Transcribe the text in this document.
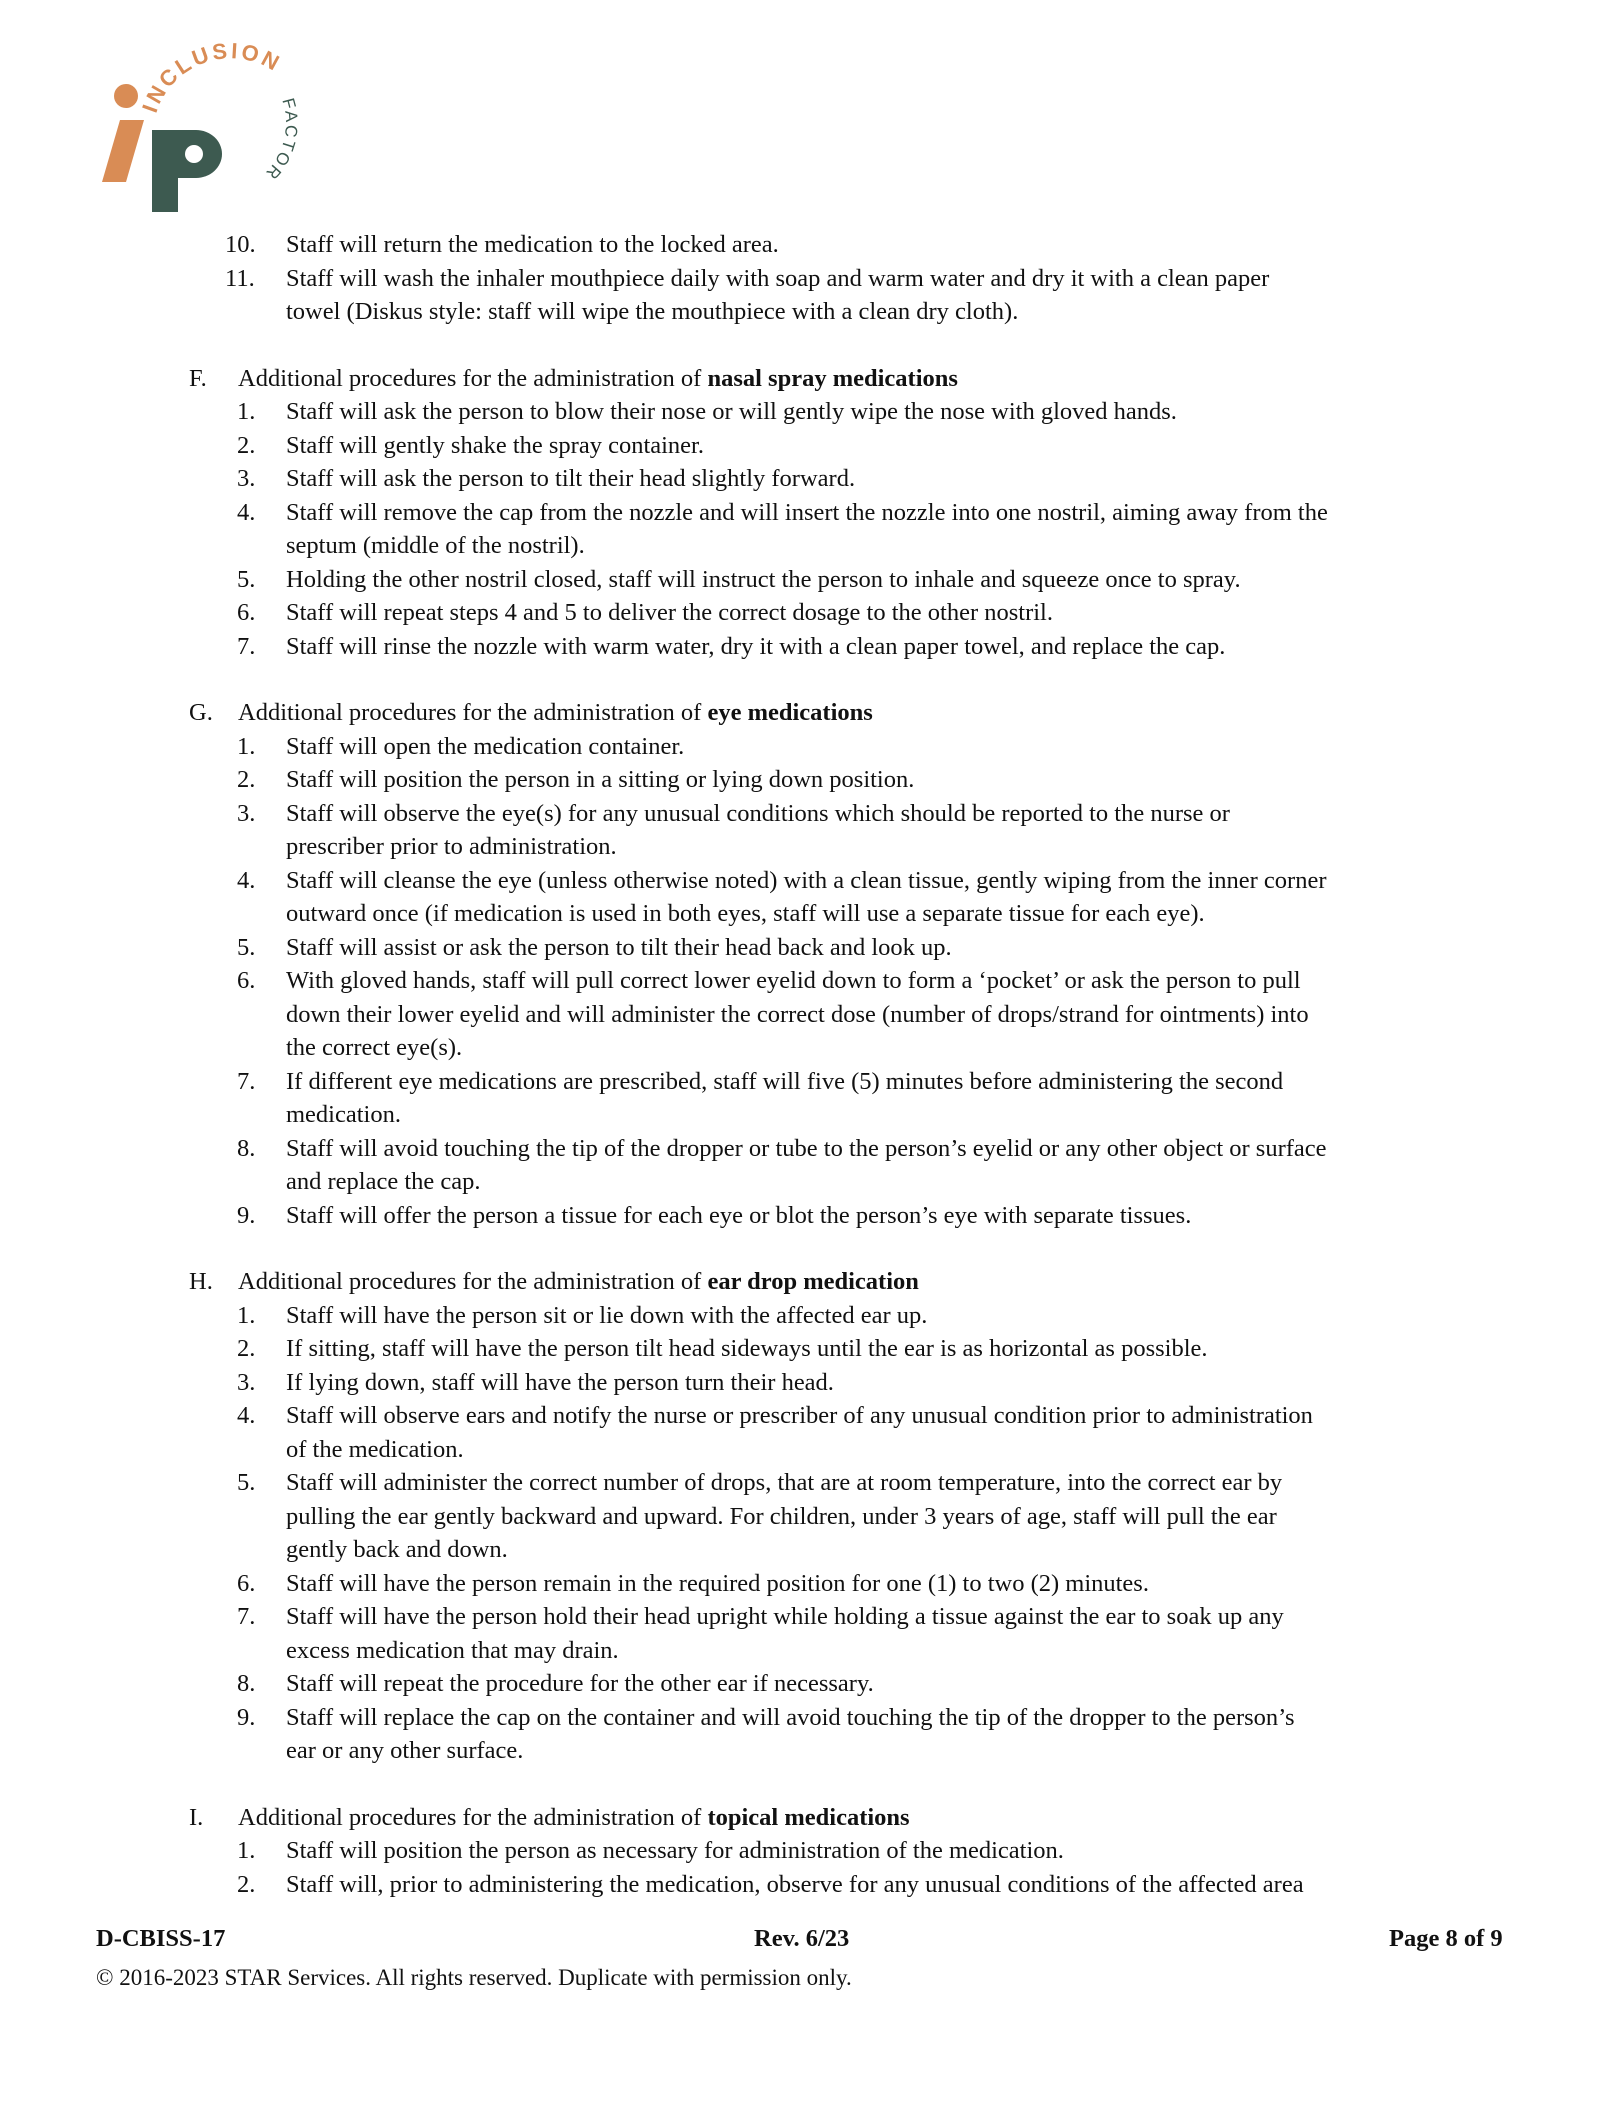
INCLUSION
FACTOR
10. Staff will return the medication to the locked area.
11. Staff will wash the inhaler mouthpiece daily with soap and warm water and dry it with a clean paper
towel (Diskus style: staff will wipe the mouthpiece with a clean dry cloth).
F. Additional procedures for the administration of nasal spray medications
1. Staff will ask the person to blow their nose or will gently wipe the nose with gloved hands.
2. Staff will gently shake the spray container.
3. Staff will ask the person to tilt their head slightly forward.
4. Staff will remove the cap from the nozzle and will insert the nozzle into one nostril, aiming away from the
septum (middle of the nostril).
5. Holding the other nostril closed, staff will instruct the person to inhale and squeeze once to spray.
6. Staff will repeat steps 4 and 5 to deliver the correct dosage to the other nostril.
7. Staff will rinse the nozzle with warm water, dry it with a clean paper towel, and replace the cap.
G. Additional procedures for the administration of eye medications
1. Staff will open the medication container.
2. Staff will position the person in a sitting or lying down position.
3. Staff will observe the eye(s) for any unusual conditions which should be reported to the nurse or
prescriber prior to administration.
4. Staff will cleanse the eye (unless otherwise noted) with a clean tissue, gently wiping from the inner corner
outward once (if medication is used in both eyes, staff will use a separate tissue for each eye).
5. Staff will assist or ask the person to tilt their head back and look up.
6. With gloved hands, staff will pull correct lower eyelid down to form a ‘pocket’ or ask the person to pull
down their lower eyelid and will administer the correct dose (number of drops/strand for ointments) into
the correct eye(s).
7. If different eye medications are prescribed, staff will five (5) minutes before administering the second
medication.
8. Staff will avoid touching the tip of the dropper or tube to the person’s eyelid or any other object or surface
and replace the cap.
9. Staff will offer the person a tissue for each eye or blot the person’s eye with separate tissues.
H. Additional procedures for the administration of ear drop medication
1. Staff will have the person sit or lie down with the affected ear up.
2. If sitting, staff will have the person tilt head sideways until the ear is as horizontal as possible.
3. If lying down, staff will have the person turn their head.
4. Staff will observe ears and notify the nurse or prescriber of any unusual condition prior to administration
of the medication.
5. Staff will administer the correct number of drops, that are at room temperature, into the correct ear by
pulling the ear gently backward and upward. For children, under 3 years of age, staff will pull the ear
gently back and down.
6. Staff will have the person remain in the required position for one (1) to two (2) minutes.
7. Staff will have the person hold their head upright while holding a tissue against the ear to soak up any
excess medication that may drain.
8. Staff will repeat the procedure for the other ear if necessary.
9. Staff will replace the cap on the container and will avoid touching the tip of the dropper to the person’s
ear or any other surface.
I. Additional procedures for the administration of topical medications
1. Staff will position the person as necessary for administration of the medication.
2. Staff will, prior to administering the medication, observe for any unusual conditions of the affected area
D-CBISS-17	Rev. 6/23	Page 8 of 9
© 2016-2023 STAR Services. All rights reserved. Duplicate with permission only.
